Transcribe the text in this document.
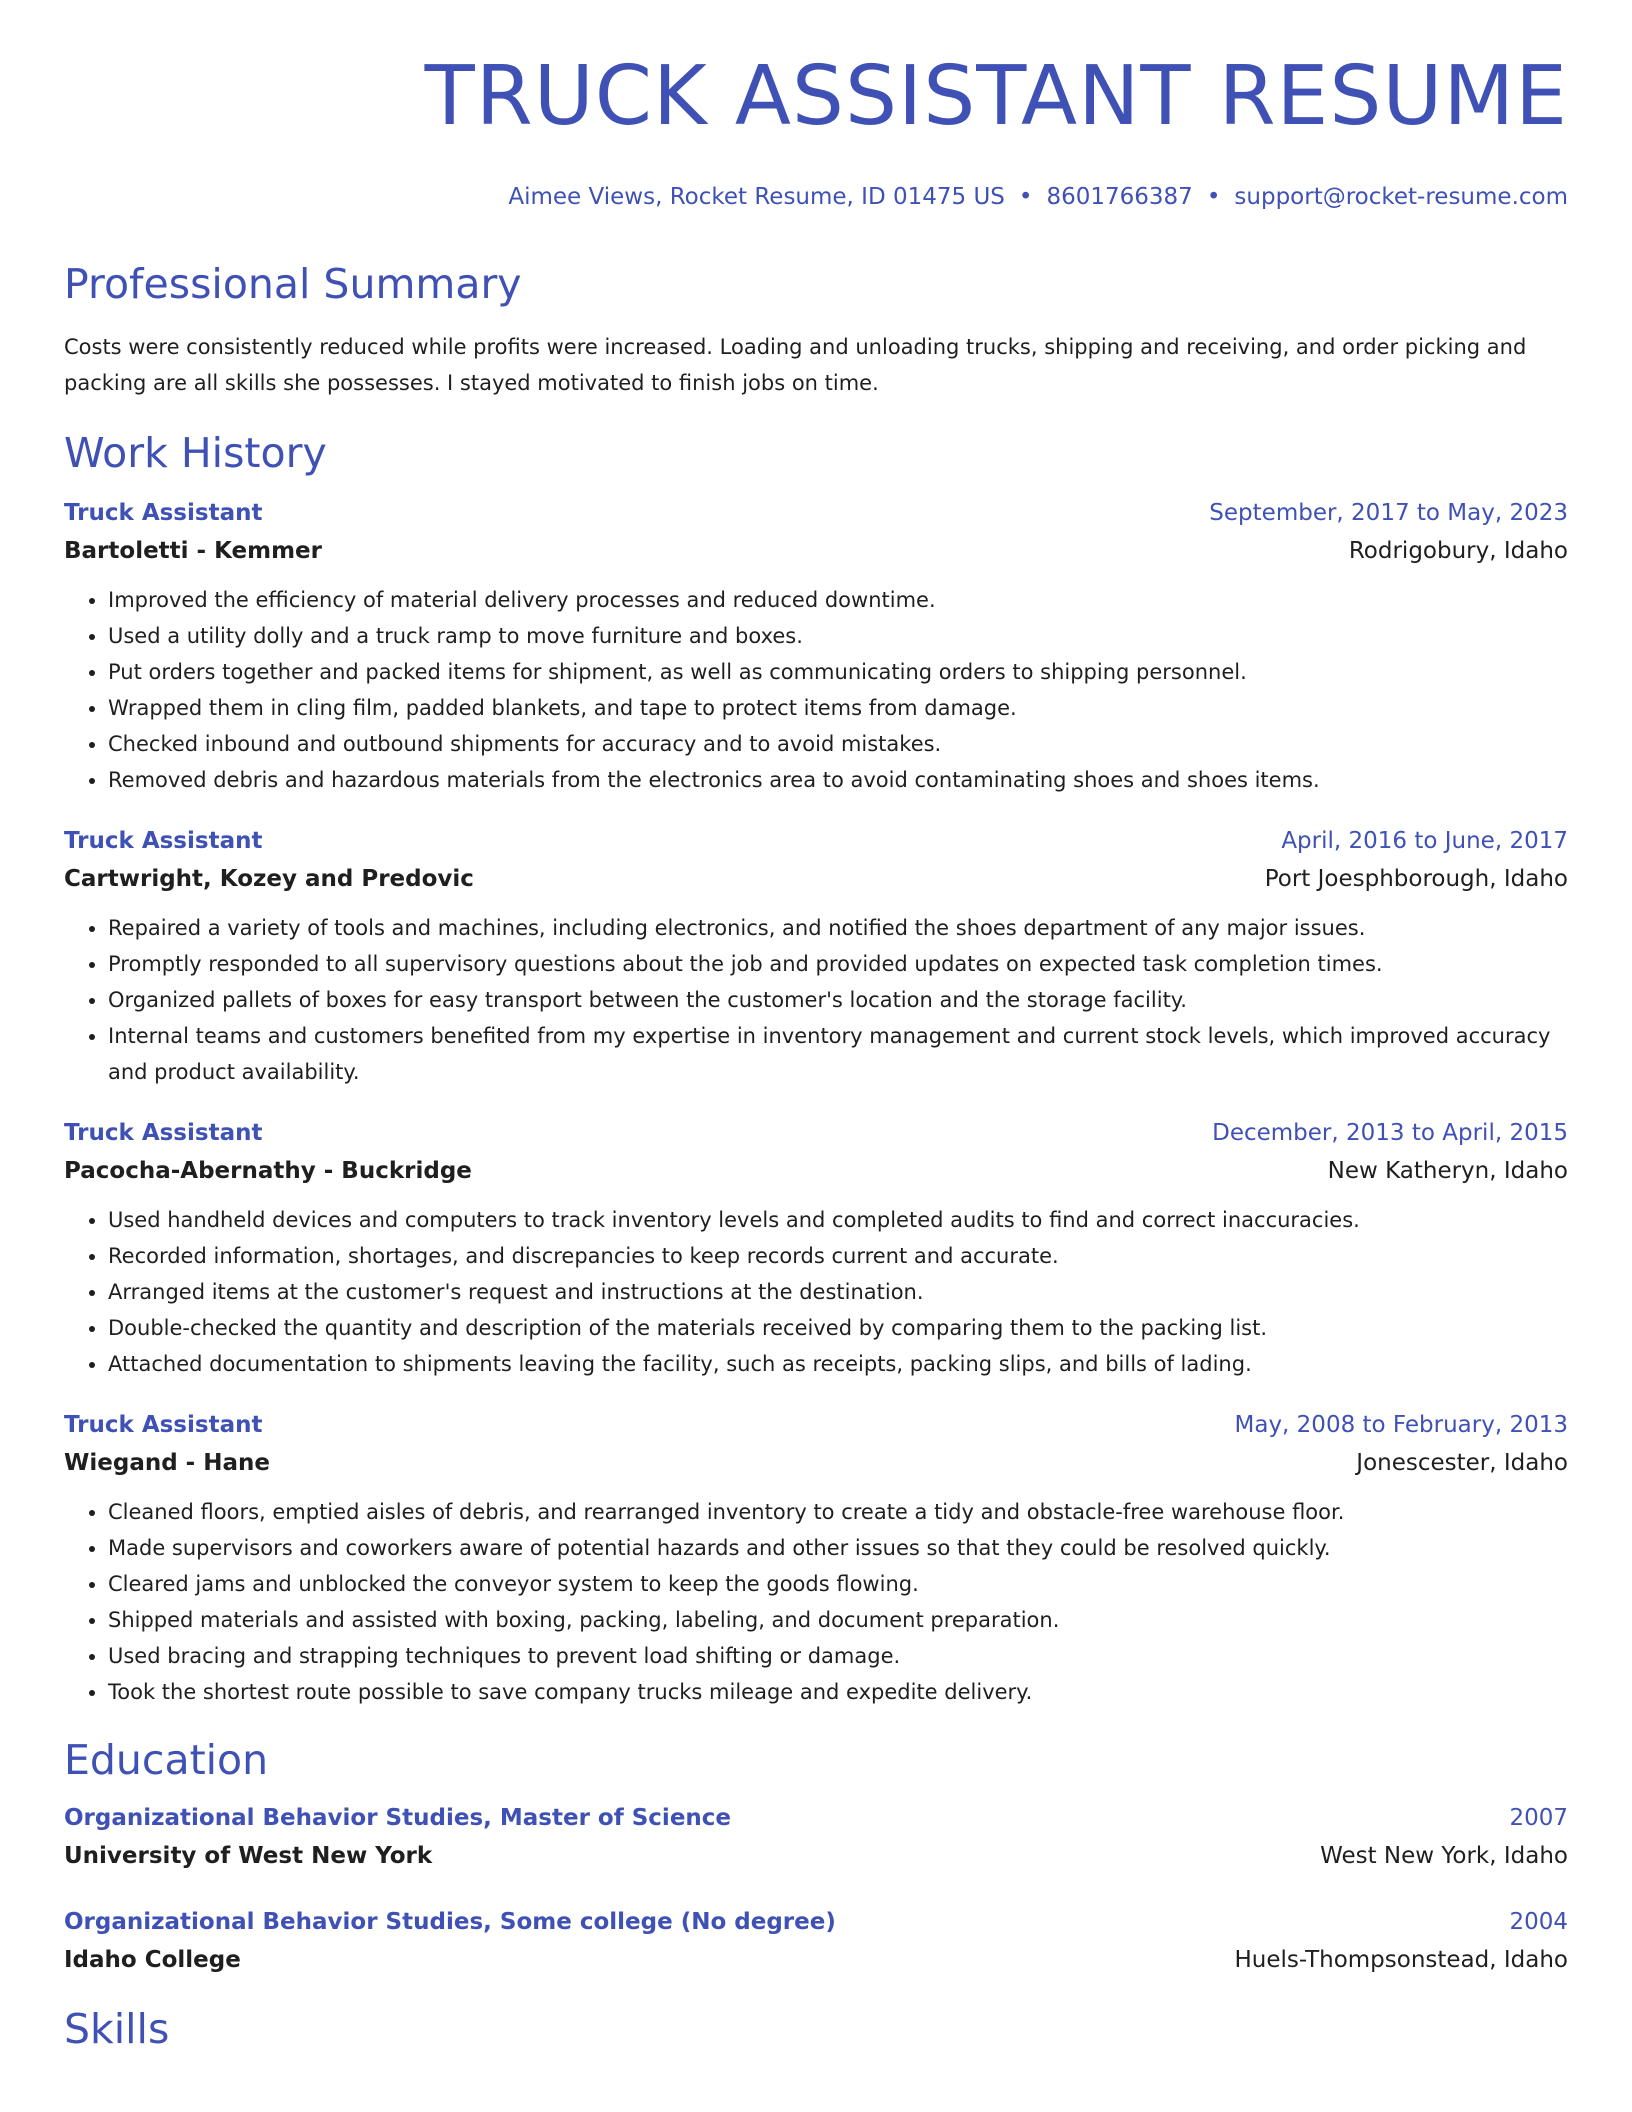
TRUCK ASSISTANT RESUME
Aimee Views, Rocket Resume, ID 01475 US • 8601766387 • support@rocket-resume.com
Professional Summary
Costs were consistently reduced while profits were increased. Loading and unloading trucks, shipping and receiving, and order picking and packing are all skills she possesses. I stayed motivated to finish jobs on time.
Work History
Truck Assistant	September, 2017 to May, 2023
Bartoletti - Kemmer	Rodrigobury, Idaho
• Improved the efficiency of material delivery processes and reduced downtime.
• Used a utility dolly and a truck ramp to move furniture and boxes.
• Put orders together and packed items for shipment, as well as communicating orders to shipping personnel.
• Wrapped them in cling film, padded blankets, and tape to protect items from damage.
• Checked inbound and outbound shipments for accuracy and to avoid mistakes.
• Removed debris and hazardous materials from the electronics area to avoid contaminating shoes and shoes items.
Truck Assistant	April, 2016 to June, 2017
Cartwright, Kozey and Predovic	Port Joesphborough, Idaho
• Repaired a variety of tools and machines, including electronics, and notified the shoes department of any major issues.
• Promptly responded to all supervisory questions about the job and provided updates on expected task completion times.
• Organized pallets of boxes for easy transport between the customer's location and the storage facility.
• Internal teams and customers benefited from my expertise in inventory management and current stock levels, which improved accuracy and product availability.
Truck Assistant	December, 2013 to April, 2015
Pacocha-Abernathy - Buckridge	New Katheryn, Idaho
• Used handheld devices and computers to track inventory levels and completed audits to find and correct inaccuracies.
• Recorded information, shortages, and discrepancies to keep records current and accurate.
• Arranged items at the customer's request and instructions at the destination.
• Double-checked the quantity and description of the materials received by comparing them to the packing list.
• Attached documentation to shipments leaving the facility, such as receipts, packing slips, and bills of lading.
Truck Assistant	May, 2008 to February, 2013
Wiegand - Hane	Jonescester, Idaho
• Cleaned floors, emptied aisles of debris, and rearranged inventory to create a tidy and obstacle-free warehouse floor.
• Made supervisors and coworkers aware of potential hazards and other issues so that they could be resolved quickly.
• Cleared jams and unblocked the conveyor system to keep the goods flowing.
• Shipped materials and assisted with boxing, packing, labeling, and document preparation.
• Used bracing and strapping techniques to prevent load shifting or damage.
• Took the shortest route possible to save company trucks mileage and expedite delivery.
Education
Organizational Behavior Studies, Master of Science	2007
University of West New York	West New York, Idaho
Organizational Behavior Studies, Some college (No degree)	2004
Idaho College	Huels-Thompsonstead, Idaho
Skills
